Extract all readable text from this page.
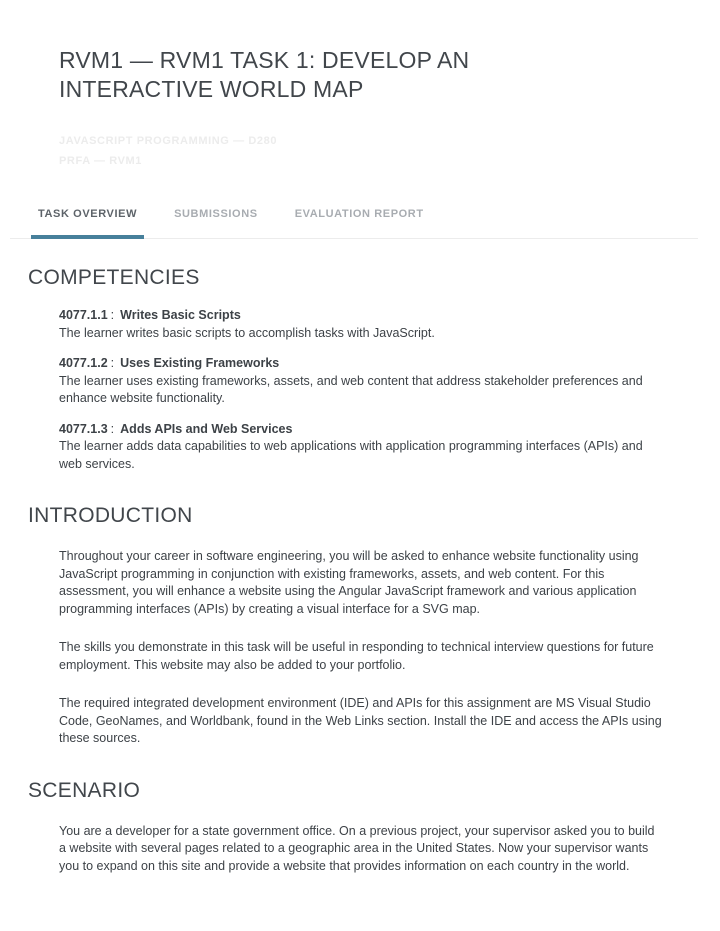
RVM1 — RVM1 TASK 1: DEVELOP AN INTERACTIVE WORLD MAP
JAVASCRIPT PROGRAMMING — D280
PRFA — RVM1
TASK OVERVIEW	SUBMISSIONS	EVALUATION REPORT
COMPETENCIES
4077.1.1 : Writes Basic Scripts
The learner writes basic scripts to accomplish tasks with JavaScript.
4077.1.2 : Uses Existing Frameworks
The learner uses existing frameworks, assets, and web content that address stakeholder preferences and enhance website functionality.
4077.1.3 : Adds APIs and Web Services
The learner adds data capabilities to web applications with application programming interfaces (APIs) and web services.
INTRODUCTION

Throughout your career in software engineering, you will be asked to enhance website functionality using JavaScript programming in conjunction with existing frameworks, assets, and web content. For this assessment, you will enhance a website using the Angular JavaScript framework and various application programming interfaces (APIs) by creating a visual interface for a SVG map.

The skills you demonstrate in this task will be useful in responding to technical interview questions for future employment. This website may also be added to your portfolio.

The required integrated development environment (IDE) and APIs for this assignment are MS Visual Studio Code, GeoNames, and Worldbank, found in the Web Links section. Install the IDE and access the APIs using these sources.

SCENARIO

You are a developer for a state government office. On a previous project, your supervisor asked you to build a website with several pages related to a geographic area in the United States. Now your supervisor wants you to expand on this site and provide a website that provides information on each country in the world.
